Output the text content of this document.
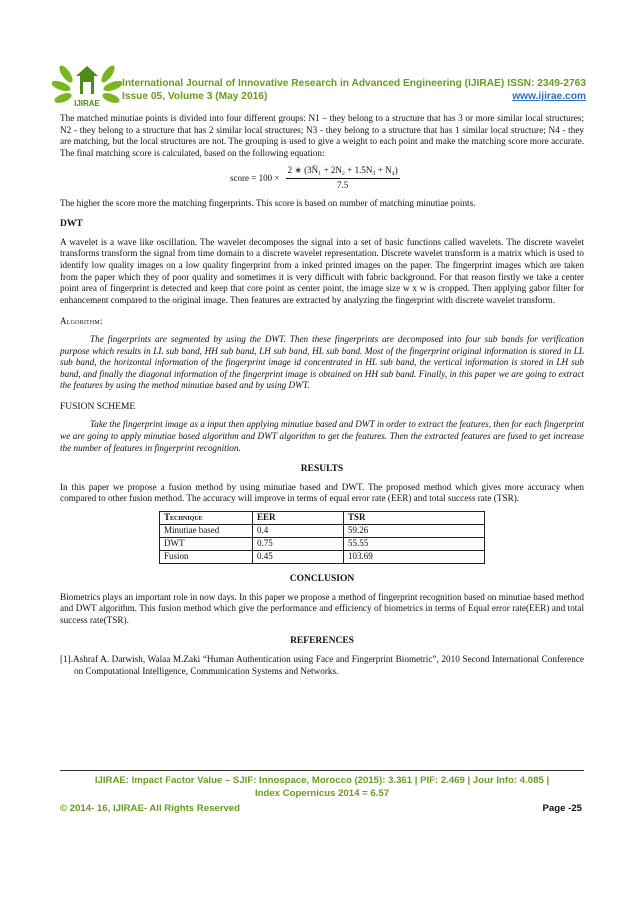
IJIRAE
International Journal of Innovative Research in Advanced Engineering (IJIRAE) ISSN: 2349-2763
Issue 05, Volume 3 (May 2016)	www.ijirae.com

The matched minutiae points is divided into four different groups: N1 – they belong to a structure that has 3 or more similar local structures; N2 - they belong to a structure that has 2 similar local structures; N3 - they belong to a structure that has 1 similar local structure; N4 - they are matching, but the local structures are not. The grouping is used to give a weight to each point and make the matching score more accurate. The final matching score is calculated, based on the following equation:

score = $100 \times \frac{\text{2 ∗ (3N̄₁ + 2N₂ + 1.5N₃ + N₄)}}{7.5}$

The higher the score more the matching fingerprints. This score is based on number of matching minutiae points.

DWT

A wavelet is a wave like oscillation. The wavelet decomposes the signal into a set of basic functions called wavelets. The discrete wavelet transforms transform the signal from time domain to a discrete wavelet representation. Discrete wavelet transform is a matrix which is used to identify low quality images on a low quality fingerprint from a inked printed images on the paper. The fingerprint images which are taken from the paper which they of poor quality and sometimes it is very difficult with fabric background. For that reason firstly we take a center point area of fingerprint is detected and keep that core point as center point, the image size w x w is cropped. Then applying gabor filter for enhancement compared to the original image. Then features are extracted by analyzing the fingerprint with discrete wavelet transform.

Algorithm:

The fingerprints are segmented by using the DWT. Then these fingerprints are decomposed into four sub bands for verification purpose which results in LL sub band, HH sub band, LH sub band, HL sub band. Most of the fingerprint original information is stored in LL sub band, the horizontal information of the fingerprint image id concentrated in HL sub band, the vertical information is stored in LH sub band, and finally the diagonal information of the fingerprint image is obtained on HH sub band. Finally, in this paper we are going to extract the features by using the method minutiae based and by using DWT.

FUSION SCHEME

Take the fingerprint image as a input then applying minutiae based and DWT in order to extract the features, then for each fingerprint we are going to apply minutiae based algorithm and DWT algorithm to get the features. Then the extracted features are fused to get increase the number of features in fingerprint recognition.

RESULTS

In this paper we propose a fusion method by using minutiae based and DWT. The proposed method which gives more accuracy when compared to other fusion method. The accuracy will improve in terms of equal error rate (EER) and total success rate (TSR).

Technique	EER	TSR
Minutiae based	0.4	59.26
DWT	0.75	55.55
Fusion	0.45	103.69

CONCLUSION

Biometrics plays an important role in now days. In this paper we propose a method of fingerprint recognition based on minutiae based method and DWT algorithm. This fusion method which give the performance and efficiency of biometrics in terms of Equal error rate(EER) and total success rate(TSR).

REFERENCES

[1].Ashraf A. Darwish, Walaa M.Zaki “Human Authentication using Face and Fingerprint Biometric”, 2010 Second International Conference on Computational Intelligence, Communication Systems and Networks.

IJIRAE: Impact Factor Value – SJIF: Innospace, Morocco (2015): 3.361 | PIF: 2.469 | Jour Info: 4.085 |
Index Copernicus 2014 = 6.57
© 2014- 16, IJIRAE- All Rights Reserved	Page -25
